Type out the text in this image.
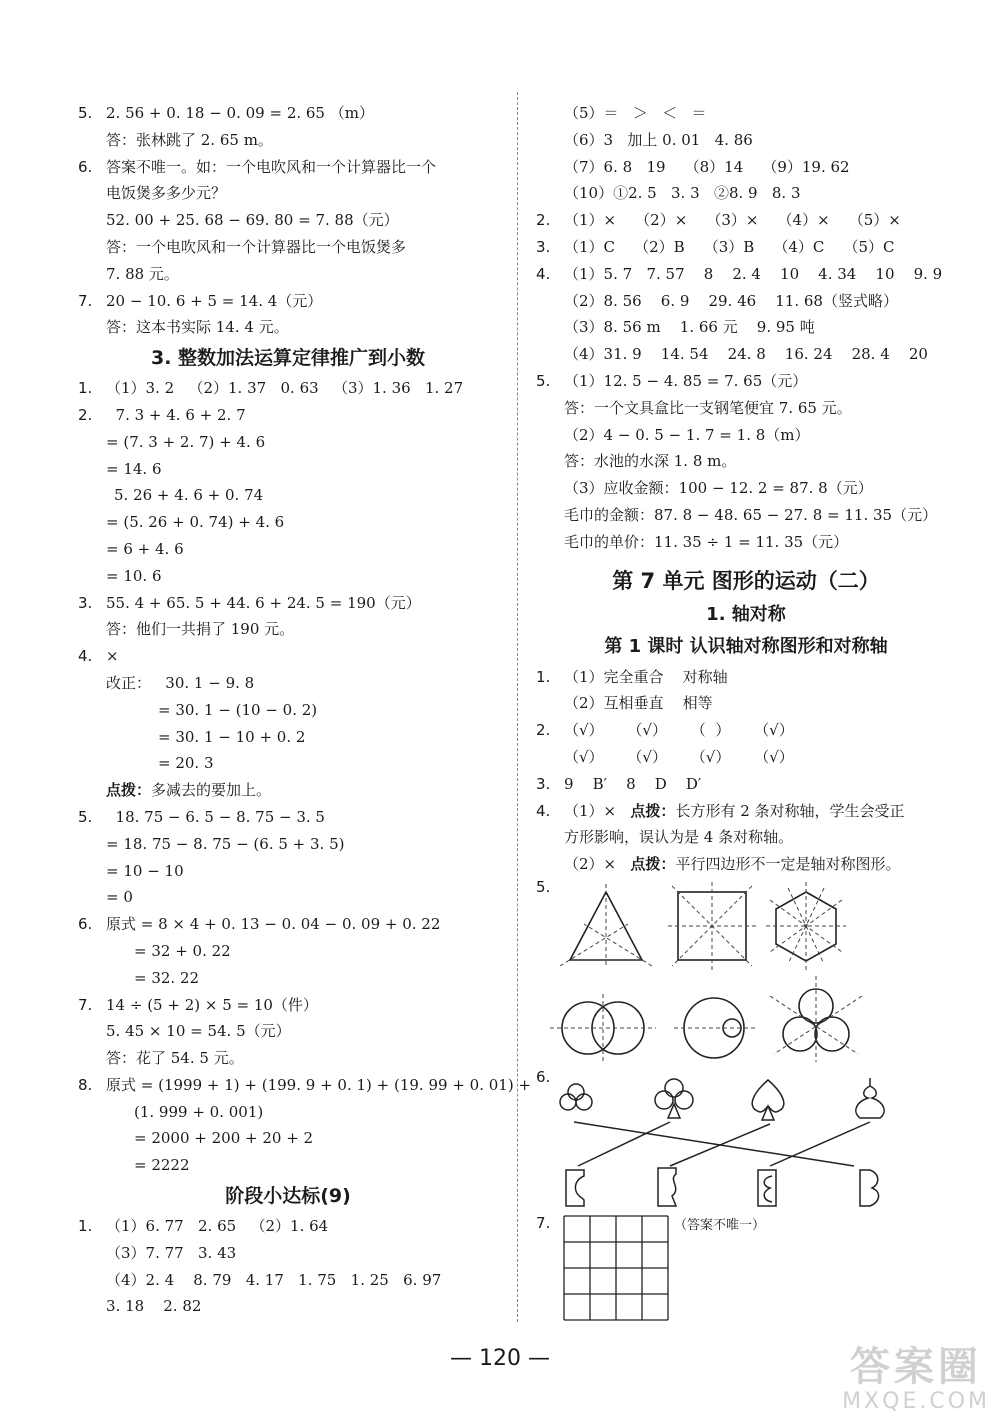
5. 2. 56 + 0. 18 − 0. 09 = 2. 65 （m）
答：张林跳了 2. 65 m。
6. 答案不唯一。如：一个电吹风和一个计算器比一个
电饭煲多多少元？
52. 00 + 25. 68 − 69. 80 = 7. 88（元）
答：一个电吹风和一个计算器比一个电饭煲多
7. 88 元。
7. 20 − 10. 6 + 5 = 14. 4（元）
答：这本书实际 14. 4 元。
3. 整数加法运算定律推广到小数
1. （1）3. 2   （2）1. 37   0. 63   （3）1. 36   1. 27
2.  7. 3 + 4. 6 + 2. 7
= (7. 3 + 2. 7) + 4. 6
= 14. 6
5. 26 + 4. 6 + 0. 74
= (5. 26 + 0. 74) + 4. 6
= 6 + 4. 6
= 10. 6
3. 55. 4 + 65. 5 + 44. 6 + 24. 5 = 190（元）
答：他们一共捐了 190 元。
4. ×
改正：   30. 1 − 9. 8
= 30. 1 − (10 − 0. 2)
= 30. 1 − 10 + 0. 2
= 20. 3
点拨：多减去的要加上。
5.  18. 75 − 6. 5 − 8. 75 − 3. 5
= 18. 75 − 8. 75 − (6. 5 + 3. 5)
= 10 − 10
= 0
6. 原式 = 8 × 4 + 0. 13 − 0. 04 − 0. 09 + 0. 22
= 32 + 0. 22
= 32. 22
7. 14 ÷ (5 + 2) × 5 = 10（件）
5. 45 × 10 = 54. 5（元）
答：花了 54. 5 元。
8. 原式 = (1999 + 1) + (199. 9 + 0. 1) + (19. 99 + 0. 01) +
(1. 999 + 0. 001)
= 2000 + 200 + 20 + 2
= 2222
阶段小达标(9)
1. （1）6. 77   2. 65   （2）1. 64
（3）7. 77   3. 43
（4）2. 4    8. 79   4. 17   1. 75   1. 25   6. 97
3. 18    2. 82
（5）＝   ＞   ＜   ＝
（6）3   加上 0. 01   4. 86
（7）6. 8   19    （8）14    （9）19. 62
（10）①2. 5   3. 3   ②8. 9   8. 3
2. （1）×    （2）×    （3）×    （4）×    （5）×
3. （1）C    （2）B    （3）B    （4）C    （5）C
4. （1）5. 7   7. 57    8    2. 4    10    4. 34    10    9. 9
（2）8. 56    6. 9    29. 46    11. 68（竖式略）
（3）8. 56 m    1. 66 元    9. 95 吨
（4）31. 9    14. 54    24. 8    16. 24    28. 4    20
5. （1）12. 5 − 4. 85 = 7. 65（元）
答：一个文具盒比一支钢笔便宜 7. 65 元。
（2）4 − 0. 5 − 1. 7 = 1. 8（m）
答：水池的水深 1. 8 m。
（3）应收金额：100 − 12. 2 = 87. 8（元）
毛巾的金额：87. 8 − 48. 65 − 27. 8 = 11. 35（元）
毛巾的单价：11. 35 ÷ 1 = 11. 35（元）
第 7 单元 图形的运动（二）
1. 轴对称
第 1 课时 认识轴对称图形和对称轴
1. （1）完全重合    对称轴
（2）互相垂直    相等
2. （√）     （√）     （  ）     （√）
（√）     （√）     （√）     （√）
3. 9    B′    8    D    D′
4. （1）×   点拨：长方形有 2 条对称轴，学生会受正
方形影响，误认为是 4 条对称轴。
（2）×   点拨：平行四边形不一定是轴对称图形。
5.
6.
7.	（答案不唯一）
— 120 —	答案圈
MXQE.COM
